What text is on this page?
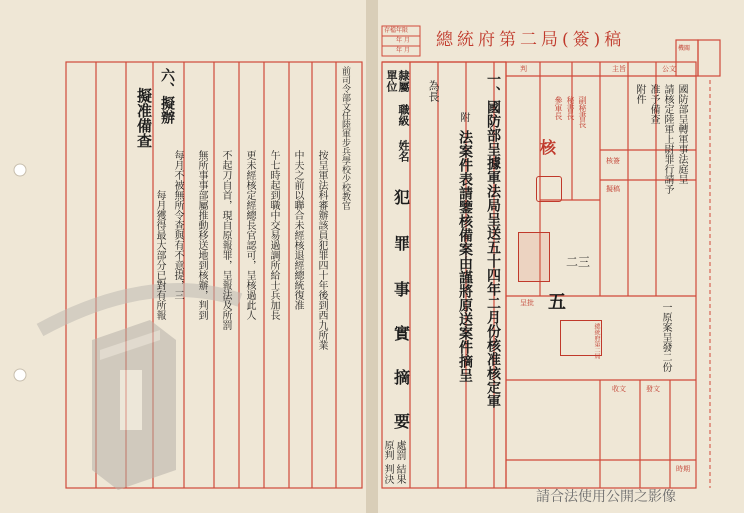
總統府第二局(簽)稿
存檔年限
年 月
年 月
判	主旨	公文
機關
核簽
擬稿
呈批
收文	發文
時期
副秘書長
秘書長
參軍長
核	國防部呈轉軍事法庭呈
請核定陸軍上尉罪行請予
准予備查
附件
一原案呈發二份
總統府第二局
一、國防部呈據軍法局呈送五十四年二月份核准核定軍
法案件表請鑒核備案由謹將原送案件摘呈
為長
附
單位 隸屬
職級
姓名
犯
罪
事
實
摘
要
原判 處罰
判決 結果
二三
五
六、擬辦
擬准備查	前司令部文任陸軍步兵學校少校教官
按呈軍法科審辦該員犯罪四十年後到西九所業
中夫之前以聯合未經核退經總統復准
午七時起到職中交易過調所給士兵加長
更未經核定經總長官認可，呈核過此人
不起刀自首，現自原報罪，呈報法及所罰
無所事事部屬推動移送地到核辦，判到
每月不被無所令查與有不意提，三
每月獲得最大部分已對有所報
請合法使用公開之影像
